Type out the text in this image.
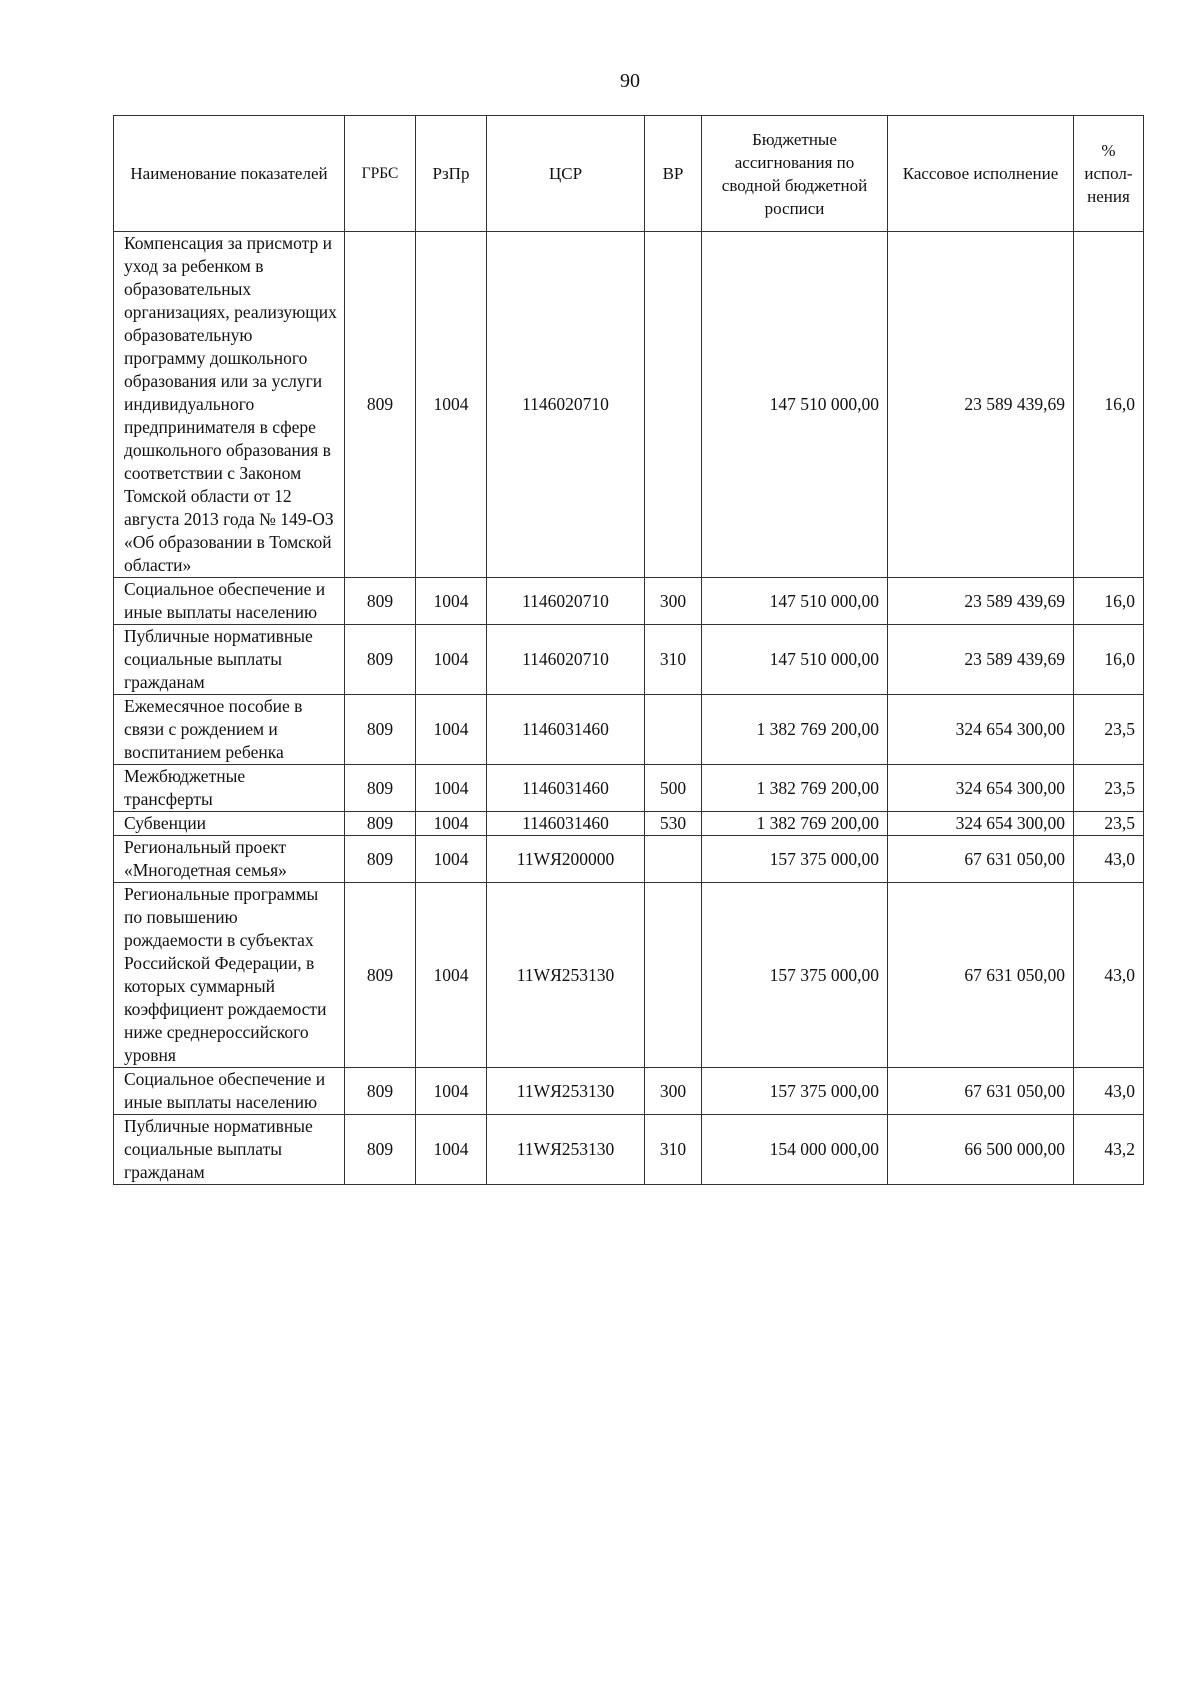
90
Наименование показателей	ГРБС	РзПр	ЦСР	ВР	Бюджетные ассигнования по сводной бюджетной росписи	Кассовое исполнение	% испол-нения
Компенсация за присмотр и уход за ребенком в образовательных организациях, реализующих образовательную программу дошкольного образования или за услуги индивидуального предпринимателя в сфере дошкольного образования в соответствии с Законом Томской области от 12 августа 2013 года № 149-ОЗ «Об образовании в Томской области»	809	1004	1146020710		147 510 000,00	23 589 439,69	16,0
Социальное обеспечение и иные выплаты населению	809	1004	1146020710	300	147 510 000,00	23 589 439,69	16,0
Публичные нормативные социальные выплаты гражданам	809	1004	1146020710	310	147 510 000,00	23 589 439,69	16,0
Ежемесячное пособие в связи с рождением и воспитанием ребенка	809	1004	1146031460		1 382 769 200,00	324 654 300,00	23,5
Межбюджетные трансферты	809	1004	1146031460	500	1 382 769 200,00	324 654 300,00	23,5
Субвенции	809	1004	1146031460	530	1 382 769 200,00	324 654 300,00	23,5
Региональный проект «Многодетная семья»	809	1004	11WЯ200000		157 375 000,00	67 631 050,00	43,0
Региональные программы по повышению рождаемости в субъектах Российской Федерации, в которых суммарный коэффициент рождаемости ниже среднероссийского уровня	809	1004	11WЯ253130		157 375 000,00	67 631 050,00	43,0
Социальное обеспечение и иные выплаты населению	809	1004	11WЯ253130	300	157 375 000,00	67 631 050,00	43,0
Публичные нормативные социальные выплаты гражданам	809	1004	11WЯ253130	310	154 000 000,00	66 500 000,00	43,2
